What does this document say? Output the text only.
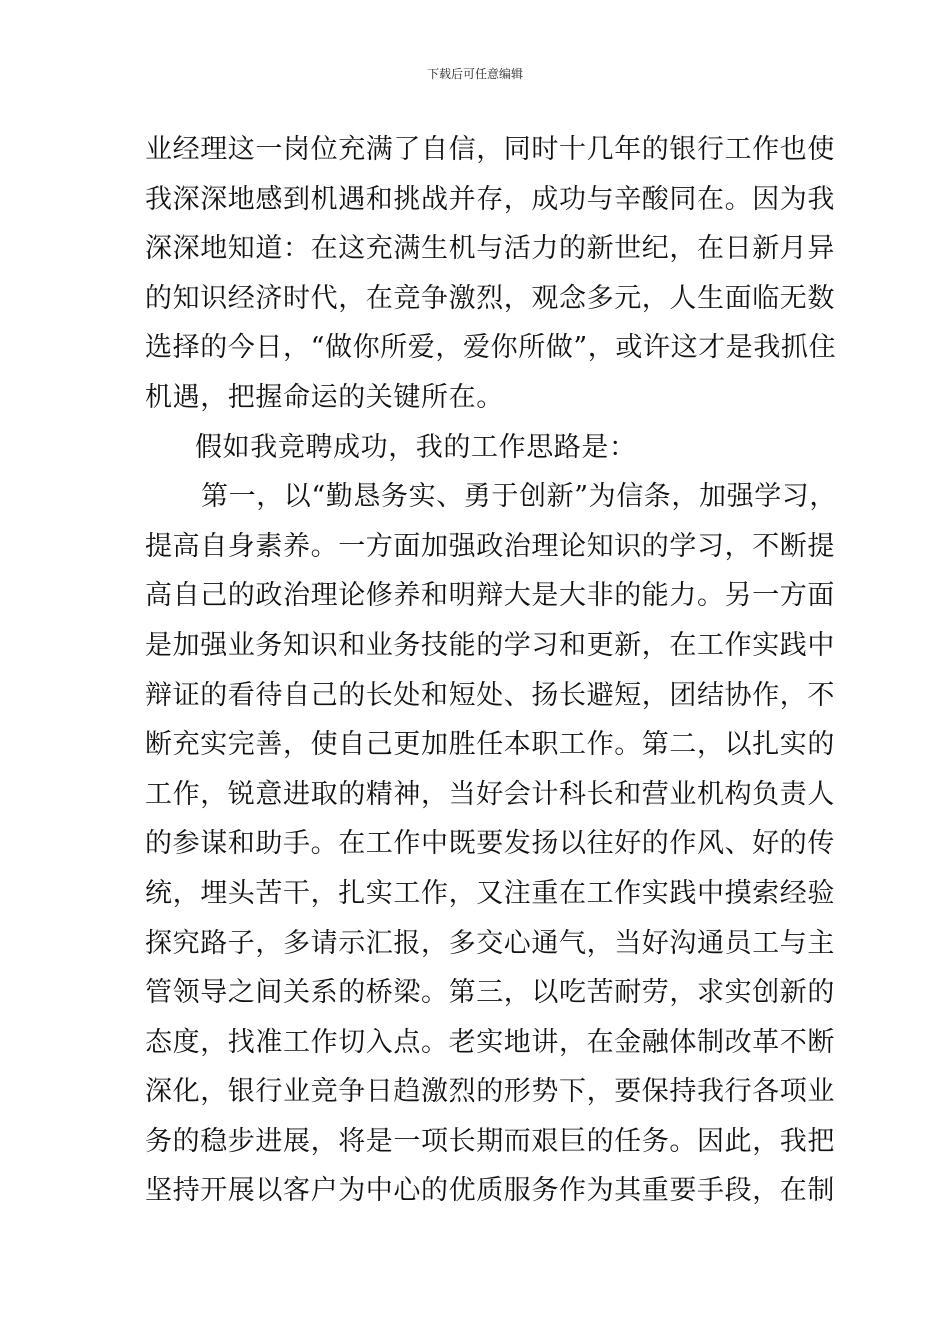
下载后可任意编辑
业经理这一岗位充满了自信，同时十几年的银行工作也使
我深深地感到机遇和挑战并存，成功与辛酸同在。因为我
深深地知道：在这充满生机与活力的新世纪，在日新月异
的知识经济时代，在竞争激烈，观念多元，人生面临无数
选择的今日，“做你所爱，爱你所做”，或许这才是我抓住
机遇，把握命运的关键所在。
假如我竞聘成功，我的工作思路是：
第一，以“勤恳务实、勇于创新”为信条，加强学习，
提高自身素养。一方面加强政治理论知识的学习，不断提
高自己的政治理论修养和明辩大是大非的能力。另一方面
是加强业务知识和业务技能的学习和更新，在工作实践中
辩证的看待自己的长处和短处、扬长避短，团结协作，不
断充实完善，使自己更加胜任本职工作。第二，以扎实的
工作，锐意进取的精神，当好会计科长和营业机构负责人
的参谋和助手。在工作中既要发扬以往好的作风、好的传
统，埋头苦干，扎实工作，又注重在工作实践中摸索经验
探究路子，多请示汇报，多交心通气，当好沟通员工与主
管领导之间关系的桥梁。第三，以吃苦耐劳，求实创新的
态度，找准工作切入点。老实地讲，在金融体制改革不断
深化，银行业竞争日趋激烈的形势下，要保持我行各项业
务的稳步进展，将是一项长期而艰巨的任务。因此，我把
坚持开展以客户为中心的优质服务作为其重要手段，在制
